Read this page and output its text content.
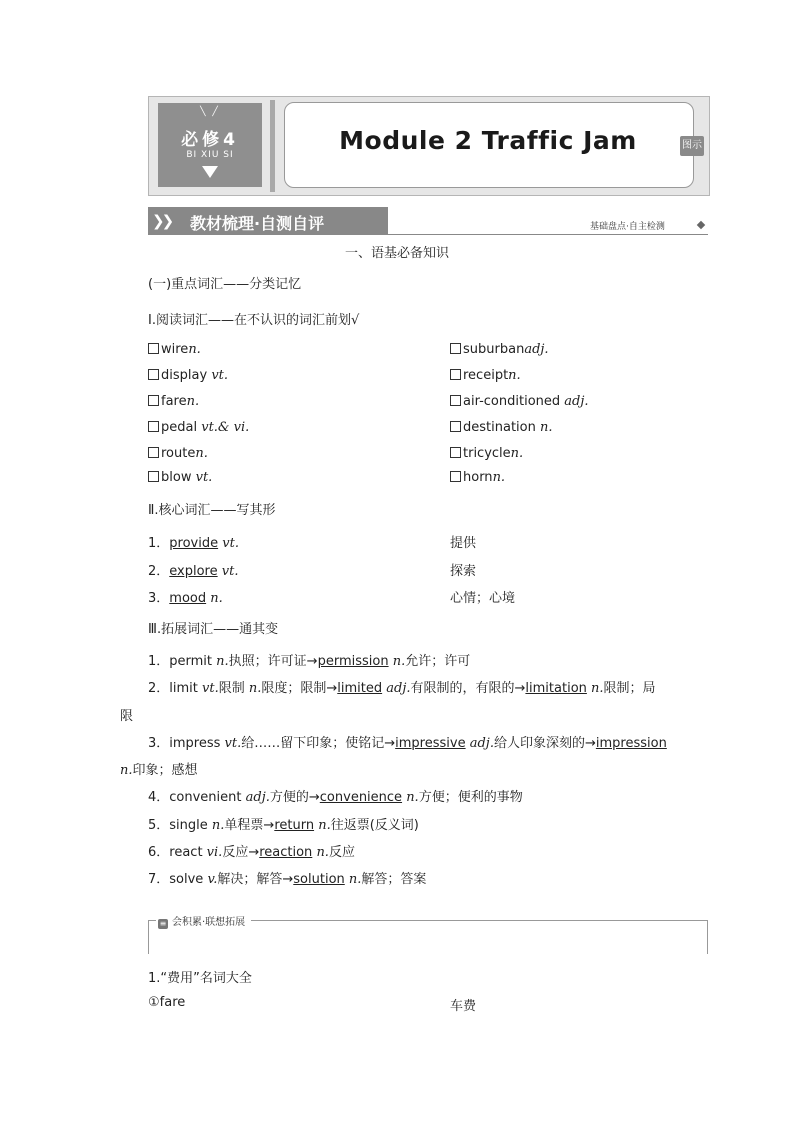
╲ ╱
必修4
BI XIU SI	Module 2 Traffic Jam	图示
❯❯ 教材梳理·自测自评	基础盘点·自主检测
一、语基必备知识
(一)重点词汇——分类记忆
Ⅰ.阅读词汇——在不认识的词汇前划√
wiren.	suburbanadj.
display vt.	receiptn.
faren.	air-conditioned adj.
pedal vt.& vi.	destination n.
routen.	tricyclen.
blow vt.	hornn.
Ⅱ.核心词汇——写其形
1．provide vt.	提供
2．explore vt.	探索
3．mood n.	心情；心境
Ⅲ.拓展词汇——通其变
1．permit n.执照；许可证→permission n.允许；许可
2．limit vt.限制 n.限度；限制→limited adj.有限制的，有限的→limitation n.限制；局
限
3．impress vt.给……留下印象；使铭记→impressive adj.给人印象深刻的→impression
n.印象；感想
4．convenient adj.方便的→convenience n.方便；便利的事物
5．single n.单程票→return n.往返票(反义词)
6．react vi.反应→reaction n.反应
7．solve v.解决；解答→solution n.解答；答案
≡ 会积累·联想拓展
1.“费用”名词大全
①fare	车费
